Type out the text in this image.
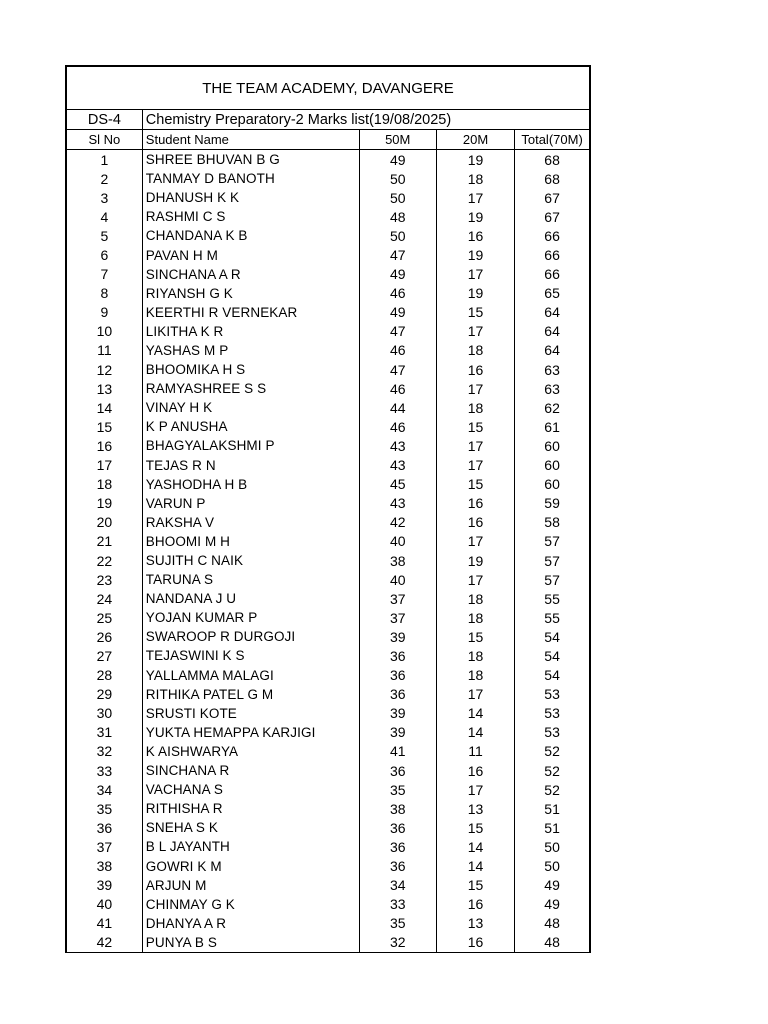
THE TEAM ACADEMY, DAVANGERE				
DS-4	Chemistry Preparatory-2 Marks list(19/08/2025)			
Sl No	Student Name	50M	20M	Total(70M)
1	SHREE BHUVAN B G	49	19	68
2	TANMAY D BANOTH	50	18	68
3	DHANUSH K K	50	17	67
4	RASHMI C S	48	19	67
5	CHANDANA K B	50	16	66
6	PAVAN H M	47	19	66
7	SINCHANA A R	49	17	66
8	RIYANSH G K	46	19	65
9	KEERTHI R VERNEKAR	49	15	64
10	LIKITHA K R	47	17	64
11	YASHAS M P	46	18	64
12	BHOOMIKA H S	47	16	63
13	RAMYASHREE S S	46	17	63
14	VINAY H K	44	18	62
15	K P ANUSHA	46	15	61
16	BHAGYALAKSHMI P	43	17	60
17	TEJAS R N	43	17	60
18	YASHODHA H B	45	15	60
19	VARUN P	43	16	59
20	RAKSHA V	42	16	58
21	BHOOMI M H	40	17	57
22	SUJITH C NAIK	38	19	57
23	TARUNA S	40	17	57
24	NANDANA J U	37	18	55
25	YOJAN KUMAR P	37	18	55
26	SWAROOP R DURGOJI	39	15	54
27	TEJASWINI K S	36	18	54
28	YALLAMMA MALAGI	36	18	54
29	RITHIKA PATEL G M	36	17	53
30	SRUSTI KOTE	39	14	53
31	YUKTA HEMAPPA KARJIGI	39	14	53
32	K AISHWARYA	41	11	52
33	SINCHANA R	36	16	52
34	VACHANA S	35	17	52
35	RITHISHA R	38	13	51
36	SNEHA S K	36	15	51
37	B L JAYANTH	36	14	50
38	GOWRI K M	36	14	50
39	ARJUN M	34	15	49
40	CHINMAY G K	33	16	49
41	DHANYA A R	35	13	48
42	PUNYA B S	32	16	48
